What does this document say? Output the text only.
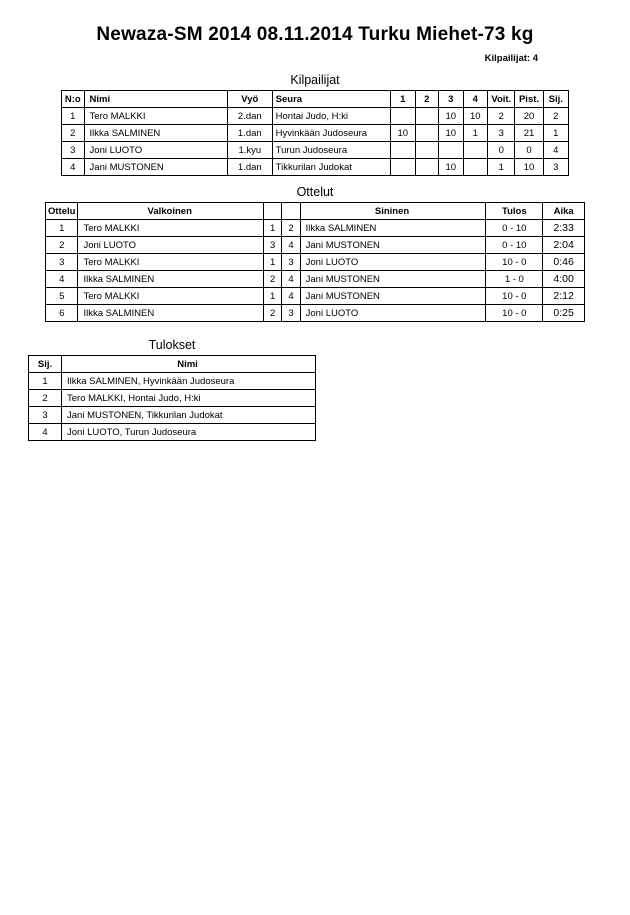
Newaza-SM 2014 08.11.2014 Turku Miehet-73 kg
Kilpailijat: 4
Kilpailijat
N:o	Nimi	Vyö	Seura	1	2	3	4	Voit.	Pist.	Sij.
1	Tero MALKKI	2.dan	Hontai Judo, H:ki			10	10	2	20	2
2	Ilkka SALMINEN	1.dan	Hyvinkään Judoseura	10		10	1	3	21	1
3	Joni LUOTO	1.kyu	Turun Judoseura					0	0	4
4	Jani MUSTONEN	1.dan	Tikkurilan Judokat			10		1	10	3
Ottelut
Ottelu	Valkoinen			Sininen	Tulos	Aika
1	Tero MALKKI	1	2	Ilkka SALMINEN	0 - 10	2:33
2	Joni LUOTO	3	4	Jani MUSTONEN	0 - 10	2:04
3	Tero MALKKI	1	3	Joni LUOTO	10 - 0	0:46
4	Ilkka SALMINEN	2	4	Jani MUSTONEN	1 - 0	4:00
5	Tero MALKKI	1	4	Jani MUSTONEN	10 - 0	2:12
6	Ilkka SALMINEN	2	3	Joni LUOTO	10 - 0	0:25
Tulokset
Sij.	Nimi
1	Ilkka SALMINEN, Hyvinkään Judoseura
2	Tero MALKKI, Hontai Judo, H:ki
3	Jani MUSTONEN, Tikkurilan Judokat
4	Joni LUOTO, Turun Judoseura
